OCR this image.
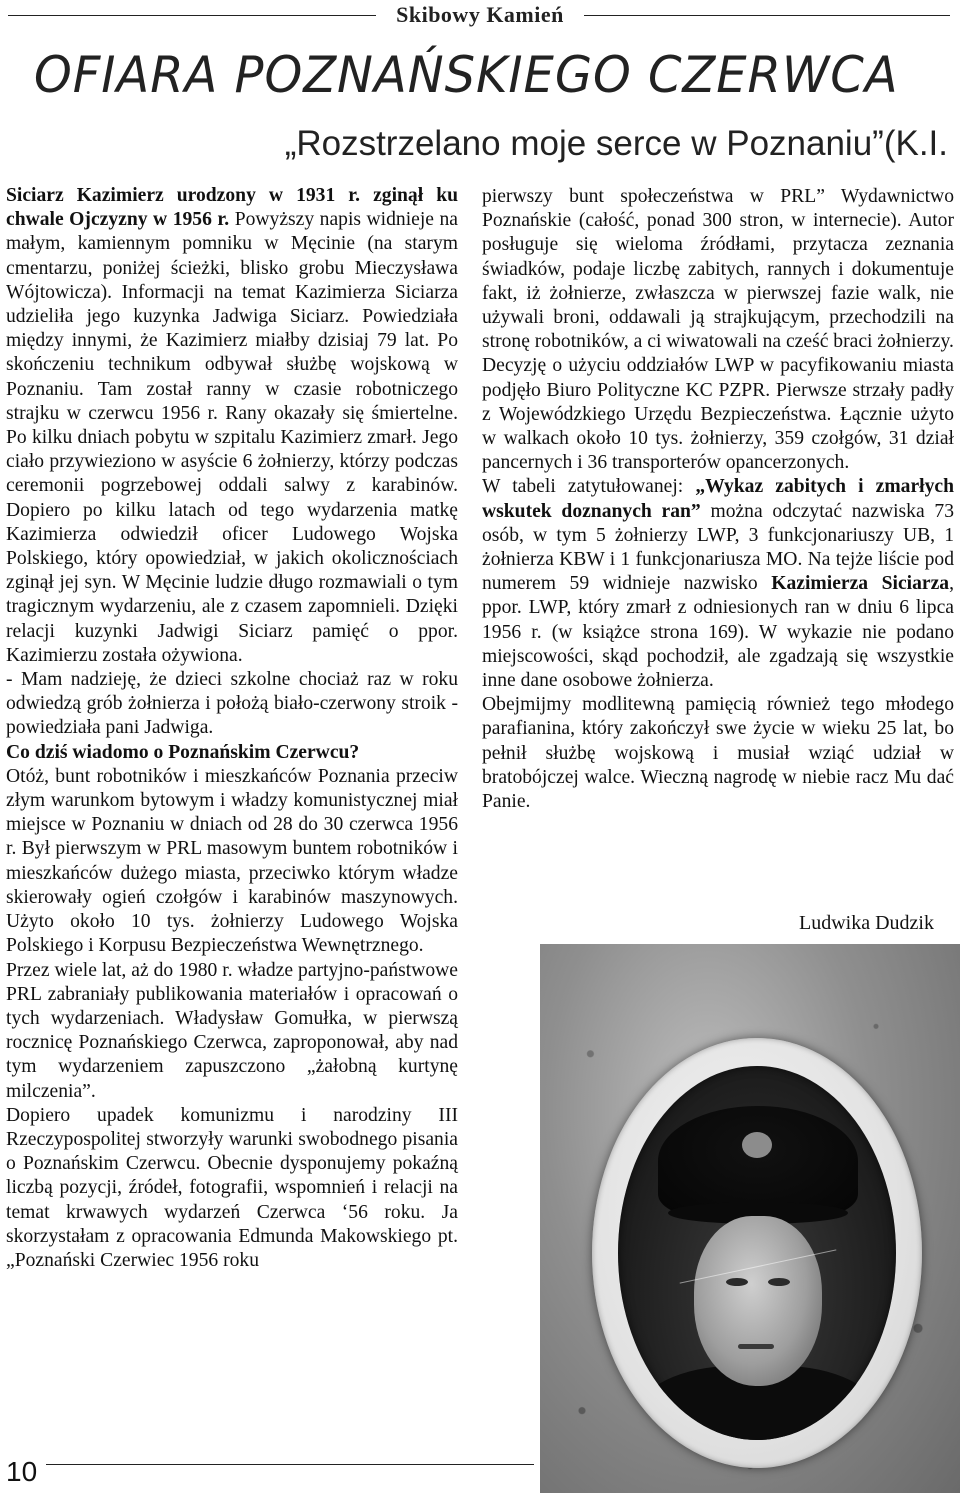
Skibowy Kamień
OFIARA POZNAŃSKIEGO CZERWCA
„Rozstrzelano moje serce w Poznaniu”(K.I.

Siciarz Kazimierz urodzony w 1931 r. zginął ku chwale Ojczyzny w 1956 r. Powyższy napis widnieje na małym, kamiennym pomniku w Męcinie (na starym cmentarzu, poniżej ścieżki, blisko grobu Mieczysława Wójtowicza). Informacji na temat Kazimierza Siciarza udzieliła jego kuzynka Jadwiga Siciarz. Powiedziała między innymi, że Kazimierz miałby dzisiaj 79 lat. Po skończeniu technikum odbywał służbę wojskową w Poznaniu. Tam został ranny w czasie robotniczego strajku w czerwcu 1956 r. Rany okazały się śmiertelne. Po kilku dniach pobytu w szpitalu Kazimierz zmarł. Jego ciało przywieziono w asyście 6 żołnierzy, którzy podczas ceremonii pogrzebowej oddali salwy z karabinów. Dopiero po kilku latach od tego wydarzenia matkę Kazimierza odwiedził oficer Ludowego Wojska Polskiego, który opowiedział, w jakich okolicznościach zginął jej syn. W Męcinie ludzie długo rozmawiali o tym tragicznym wydarzeniu, ale z czasem zapomnieli. Dzięki relacji kuzynki Jadwigi Siciarz pamięć o ppor. Kazimierzu została ożywiona.

- Mam nadzieję, że dzieci szkolne chociaż raz w roku odwiedzą grób żołnierza i położą biało-czerwony stroik - powiedziała pani Jadwiga.

Co dziś wiadomo o Poznańskim Czerwcu?

Otóż, bunt robotników i mieszkańców Poznania przeciw złym warunkom bytowym i władzy komunistycznej miał miejsce w Poznaniu w dniach od 28 do 30 czerwca 1956 r. Był pierwszym w PRL masowym buntem robotników i mieszkańców dużego miasta, przeciwko którym władze skierowały ogień czołgów i karabinów maszynowych. Użyto około 10 tys. żołnierzy Ludowego Wojska Polskiego i Korpusu Bezpieczeństwa Wewnętrznego.

Przez wiele lat, aż do 1980 r. władze partyjno-państwowe PRL zabraniały publikowania materiałów i opracowań o tych wydarzeniach. Władysław Gomułka, w pierwszą rocznicę Poznańskiego Czerwca, zaproponował, aby nad tym wydarzeniem zapuszczono „żałobną kurtynę milczenia”.

Dopiero upadek komunizmu i narodziny III Rzeczypospolitej stworzyły warunki swobodnego pisania o Poznańskim Czerwcu. Obecnie dysponujemy pokaźną liczbą pozycji, źródeł, fotografii, wspomnień i relacji na temat krwawych wydarzeń Czerwca ‘56 roku. Ja skorzystałam z opracowania Edmunda Makowskiego pt. „Poznański Czerwiec 1956 roku

pierwszy bunt społeczeństwa w PRL” Wydawnictwo Poznańskie (całość, ponad 300 stron, w internecie). Autor posługuje się wieloma źródłami, przytacza zeznania świadków, podaje liczbę zabitych, rannych i dokumentuje fakt, iż żołnierze, zwłaszcza w pierwszej fazie walk, nie używali broni, oddawali ją strajkującym, przechodzili na stronę robotników, a ci wiwatowali na cześć braci żołnierzy.

Decyzję o użyciu oddziałów LWP w pacyfikowaniu miasta podjęło Biuro Polityczne KC PZPR. Pierwsze strzały padły z Wojewódzkiego Urzędu Bezpieczeństwa. Łącznie użyto w walkach około 10 tys. żołnierzy, 359 czołgów, 31 dział pancernych i 36 transporterów opancerzonych.

W tabeli zatytułowanej: „Wykaz zabitych i zmarłych wskutek doznanych ran” można odczytać nazwiska 73 osób, w tym 5 żołnierzy LWP, 3 funkcjonariuszy UB, 1 żołnierza KBW i 1 funkcjonariusza MO. Na tejże liście pod numerem 59 widnieje nazwisko Kazimierza Siciarza, ppor. LWP, który zmarł z odniesionych ran w dniu 6 lipca 1956 r. (w książce strona 169). W wykazie nie podano miejscowości, skąd pochodził, ale zgadzają się wszystkie inne dane osobowe żołnierza.

Obejmijmy modlitewną pamięcią również tego młodego parafianina, który zakończył swe życie w wieku 25 lat, bo pełnił służbę wojskową i musiał wziąć udział w bratobójczej walce. Wieczną nagrodę w niebie racz Mu dać Panie.

Ludwika Dudzik
10
